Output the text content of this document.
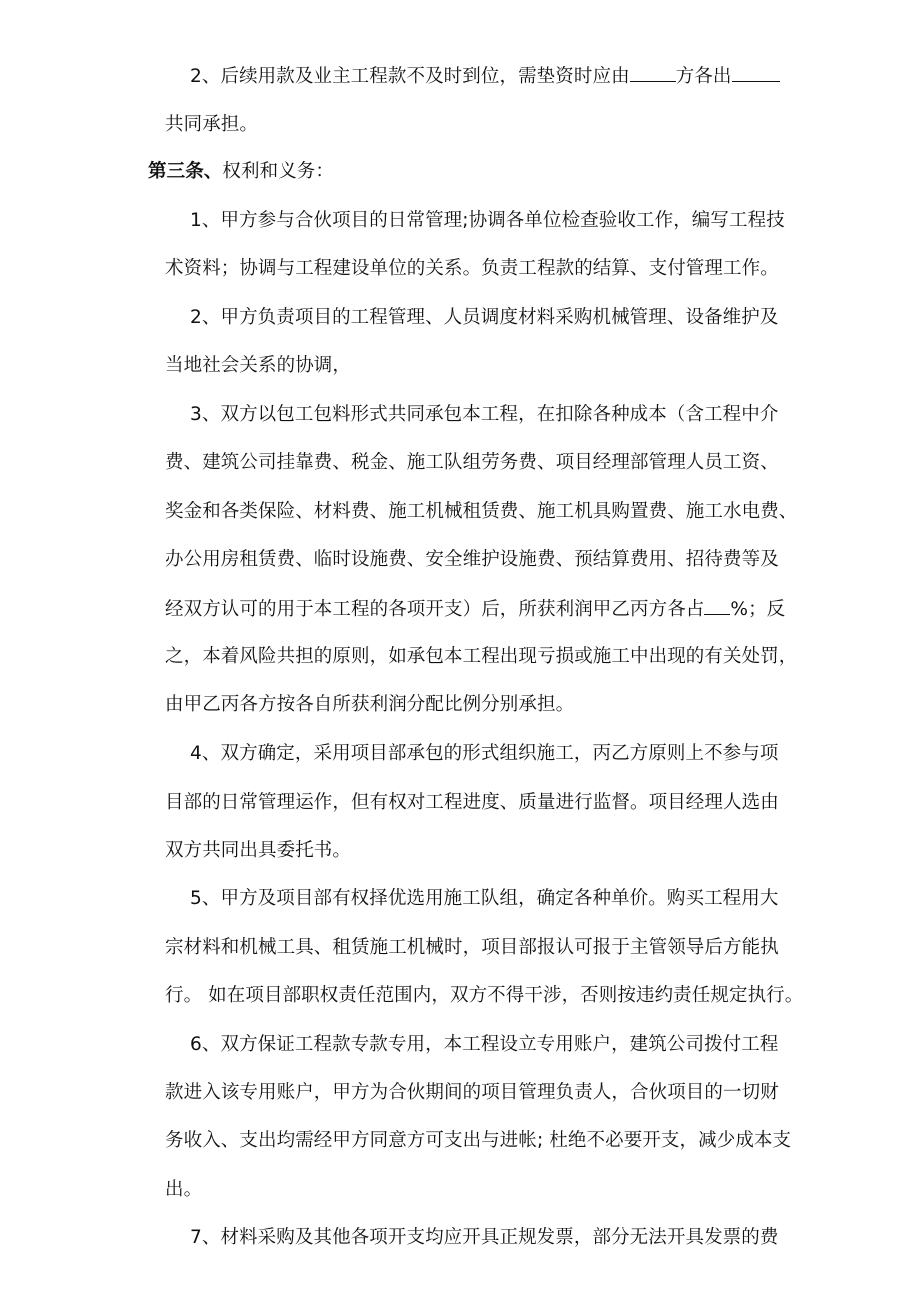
2、后续用款及业主工程款不及时到位，需垫资时应由 方各出
共同承担。
第三条、权利和义务：
1、甲方参与合伙项目的日常管理;协调各单位检查验收工作，编写工程技
术资料；协调与工程建设单位的关系。负责工程款的结算、支付管理工作。
2、甲方负责项目的工程管理、人员调度材料采购机械管理、设备维护及
当地社会关系的协调，
3、双方以包工包料形式共同承包本工程，在扣除各种成本（含工程中介
费、建筑公司挂靠费、税金、施工队组劳务费、项目经理部管理人员工资、
奖金和各类保险、材料费、施工机械租赁费、施工机具购置费、施工水电费、
办公用房租赁费、临时设施费、安全维护设施费、预结算费用、招待费等及
经双方认可的用于本工程的各项开支）后，所获利润甲乙丙方各占 %；反
之，本着风险共担的原则，如承包本工程出现亏损或施工中出现的有关处罚，
由甲乙丙各方按各自所获利润分配比例分别承担。
4、双方确定，采用项目部承包的形式组织施工，丙乙方原则上不参与项
目部的日常管理运作，但有权对工程进度、质量进行监督。项目经理人选由
双方共同出具委托书。
5、甲方及项目部有权择优选用施工队组，确定各种单价。购买工程用大
宗材料和机械工具、租赁施工机械时，项目部报认可报于主管领导后方能执
行。 如在项目部职权责任范围内，双方不得干涉，否则按违约责任规定执行。
6、双方保证工程款专款专用，本工程设立专用账户，建筑公司拨付工程
款进入该专用账户，甲方为合伙期间的项目管理负责人，合伙项目的一切财
务收入、支出均需经甲方同意方可支出与进帐; 杜绝不必要开支，减少成本支
出。
7、材料采购及其他各项开支均应开具正规发票，部分无法开具发票的费
